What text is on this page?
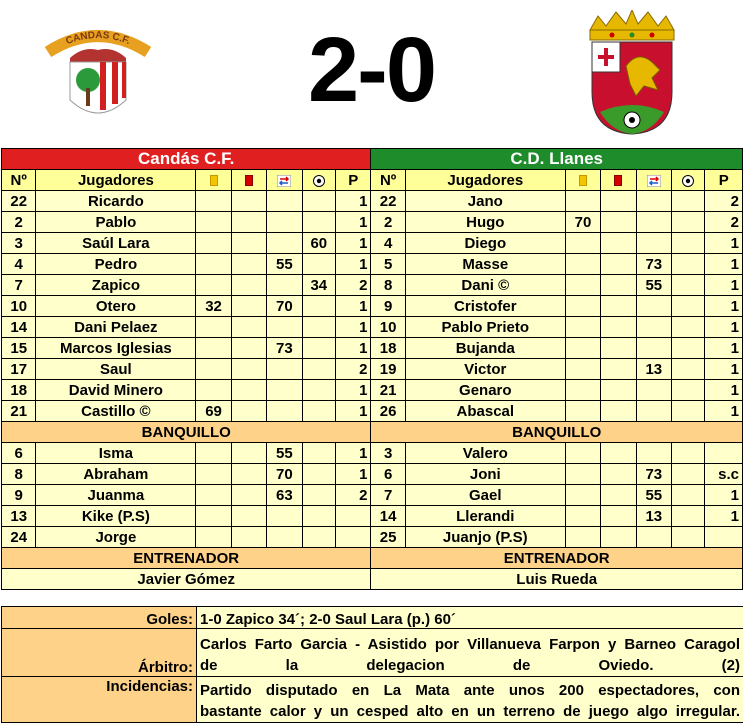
CANDAS C.F.	2-0
Candás C.F.							C.D. Llanes						
Nº	Jugadores					P	Nº	Jugadores					P
22	Ricardo					1	22	Jano					2
2	Pablo					1	2	Hugo	70				2
3	Saúl Lara				60	1	4	Diego					1
4	Pedro			55		1	5	Masse			73		1
7	Zapico				34	2	8	Dani ©			55		1
10	Otero	32		70		1	9	Cristofer					1
14	Dani Pelaez					1	10	Pablo Prieto					1
15	Marcos Iglesias			73		1	18	Bujanda					1
17	Saul					2	19	Victor			13		1
18	David Minero					1	21	Genaro					1
21	Castillo ©	69				1	26	Abascal					1
BANQUILLO							BANQUILLO						
6	Isma			55		1	3	Valero					
8	Abraham			70		1	6	Joni			73		s.c
9	Juanma			63		2	7	Gael			55		1
13	Kike (P.S)						14	Llerandi			13		1
24	Jorge						25	Juanjo (P.S)					
ENTRENADOR							ENTRENADOR						
Javier Gómez							Luis Rueda						
Goles:	1-0 Zapico 34´; 2-0 Saul Lara (p.) 60´
Árbitro:	Carlos Farto Garcia - Asistido por Villanueva Farpon y Barneo Caragol
de la delegacion de Oviedo. (2)

Incidencias:	Partido disputado en La Mata ante unos 200 espectadores, con
bastante calor y un cesped alto en un terreno de juego algo irregular.
